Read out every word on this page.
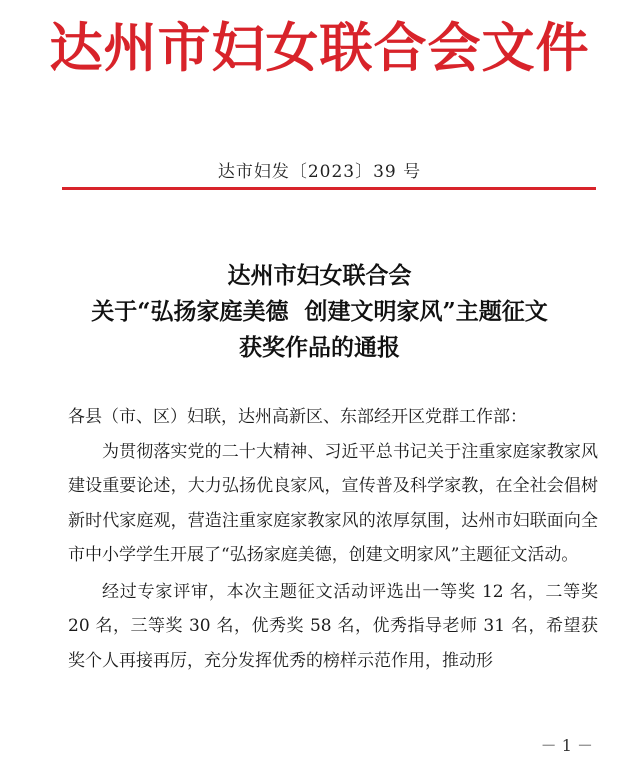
达州市妇女联合会文件
达市妇发〔2023〕39 号
达州市妇女联合会
关于“弘扬家庭美德  创建文明家风”主题征文
获奖作品的通报

各县（市、区）妇联，达州高新区、东部经开区党群工作部：

为贯彻落实党的二十大精神、习近平总书记关于注重家庭家教家风建设重要论述，大力弘扬优良家风，宣传普及科学家教，在全社会倡树新时代家庭观，营造注重家庭家教家风的浓厚氛围，达州市妇联面向全市中小学学生开展了“弘扬家庭美德，创建文明家风”主题征文活动。

经过专家评审，本次主题征文活动评选出一等奖 12 名，二等奖 20 名，三等奖 30 名，优秀奖 58 名，优秀指导老师 31 名，希望获奖个人再接再厉，充分发挥优秀的榜样示范作用，推动形

－ 1 －
